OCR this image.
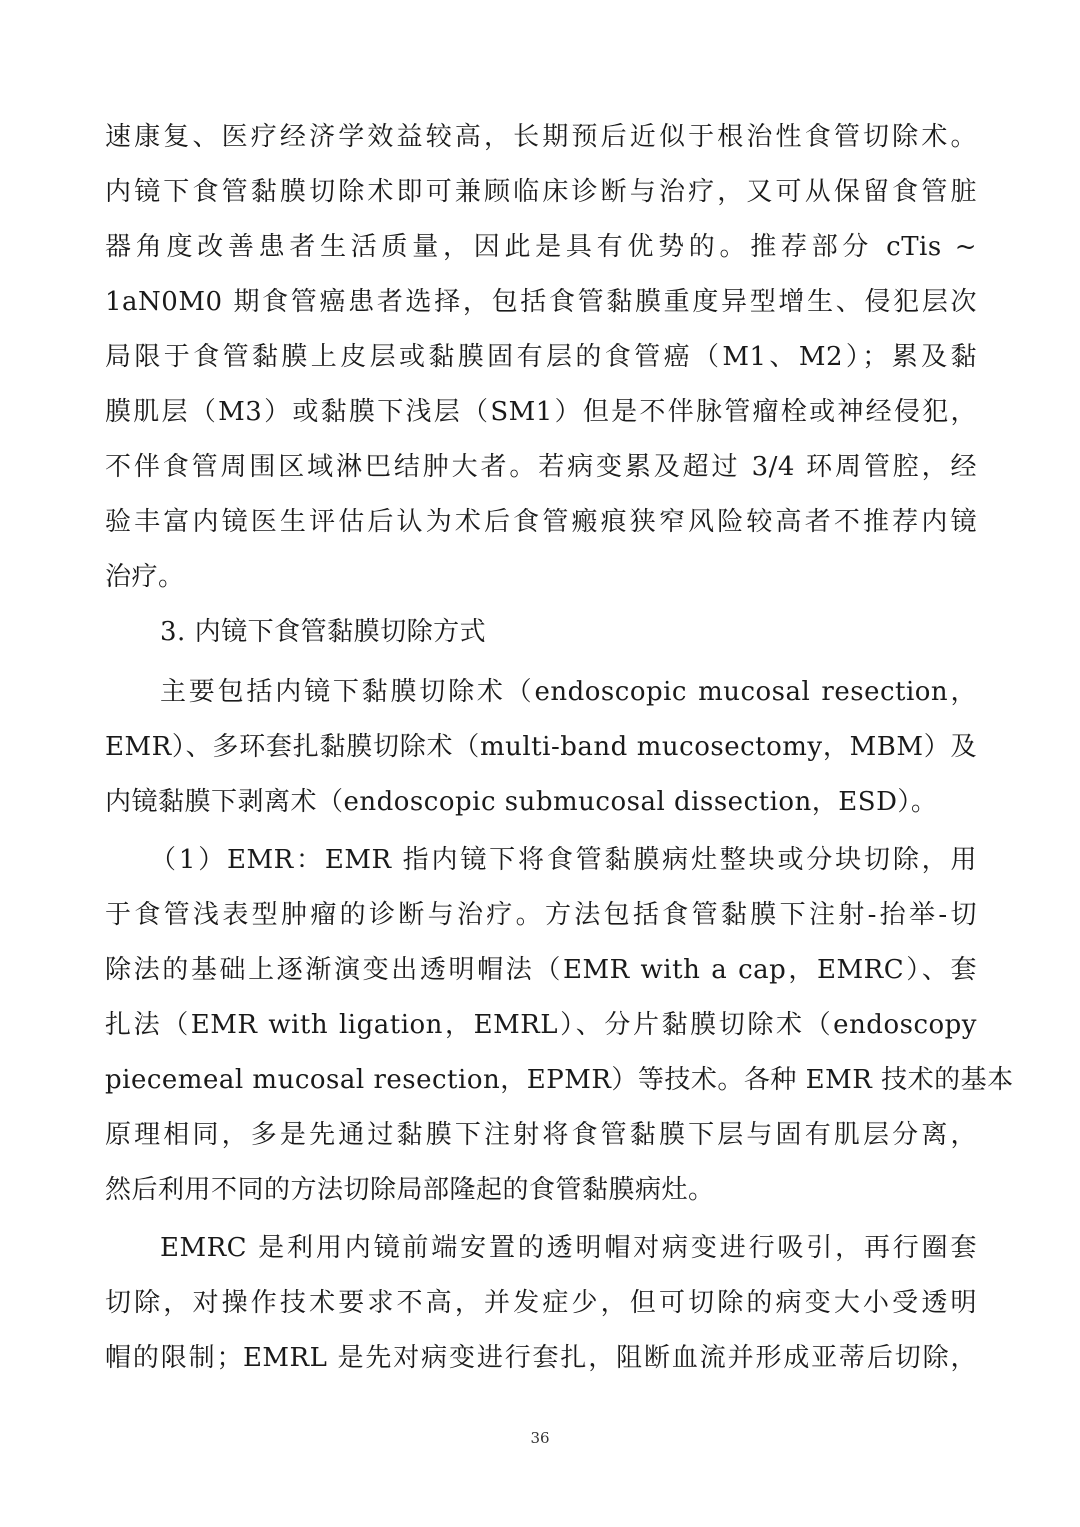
速康复、医疗经济学效益较高，长期预后近似于根治性食管切除术。
内镜下食管黏膜切除术即可兼顾临床诊断与治疗，又可从保留食管脏
器角度改善患者生活质量，因此是具有优势的。推荐部分 cTis ~
1aN0M0 期食管癌患者选择，包括食管黏膜重度异型增生、侵犯层次
局限于食管黏膜上皮层或黏膜固有层的食管癌（M1、M2）；累及黏
膜肌层（M3）或黏膜下浅层（SM1）但是不伴脉管瘤栓或神经侵犯，
不伴食管周围区域淋巴结肿大者。若病变累及超过 3/4 环周管腔，经
验丰富内镜医生评估后认为术后食管瘢痕狭窄风险较高者不推荐内镜
治疗。
3. 内镜下食管黏膜切除方式
主要包括内镜下黏膜切除术（endoscopic mucosal resection，
EMR）、多环套扎黏膜切除术（multi-band mucosectomy，MBM）及
内镜黏膜下剥离术（endoscopic submucosal dissection，ESD）。
（1）EMR：EMR 指内镜下将食管黏膜病灶整块或分块切除，用
于食管浅表型肿瘤的诊断与治疗。方法包括食管黏膜下注射-抬举-切
除法的基础上逐渐演变出透明帽法（EMR with a cap，EMRC）、套
扎法（EMR with ligation，EMRL）、分片黏膜切除术（endoscopy
piecemeal mucosal resection，EPMR）等技术。各种 EMR 技术的基本
原理相同，多是先通过黏膜下注射将食管黏膜下层与固有肌层分离，
然后利用不同的方法切除局部隆起的食管黏膜病灶。
EMRC 是利用内镜前端安置的透明帽对病变进行吸引，再行圈套
切除，对操作技术要求不高，并发症少，但可切除的病变大小受透明
帽的限制；EMRL 是先对病变进行套扎，阻断血流并形成亚蒂后切除，
36
